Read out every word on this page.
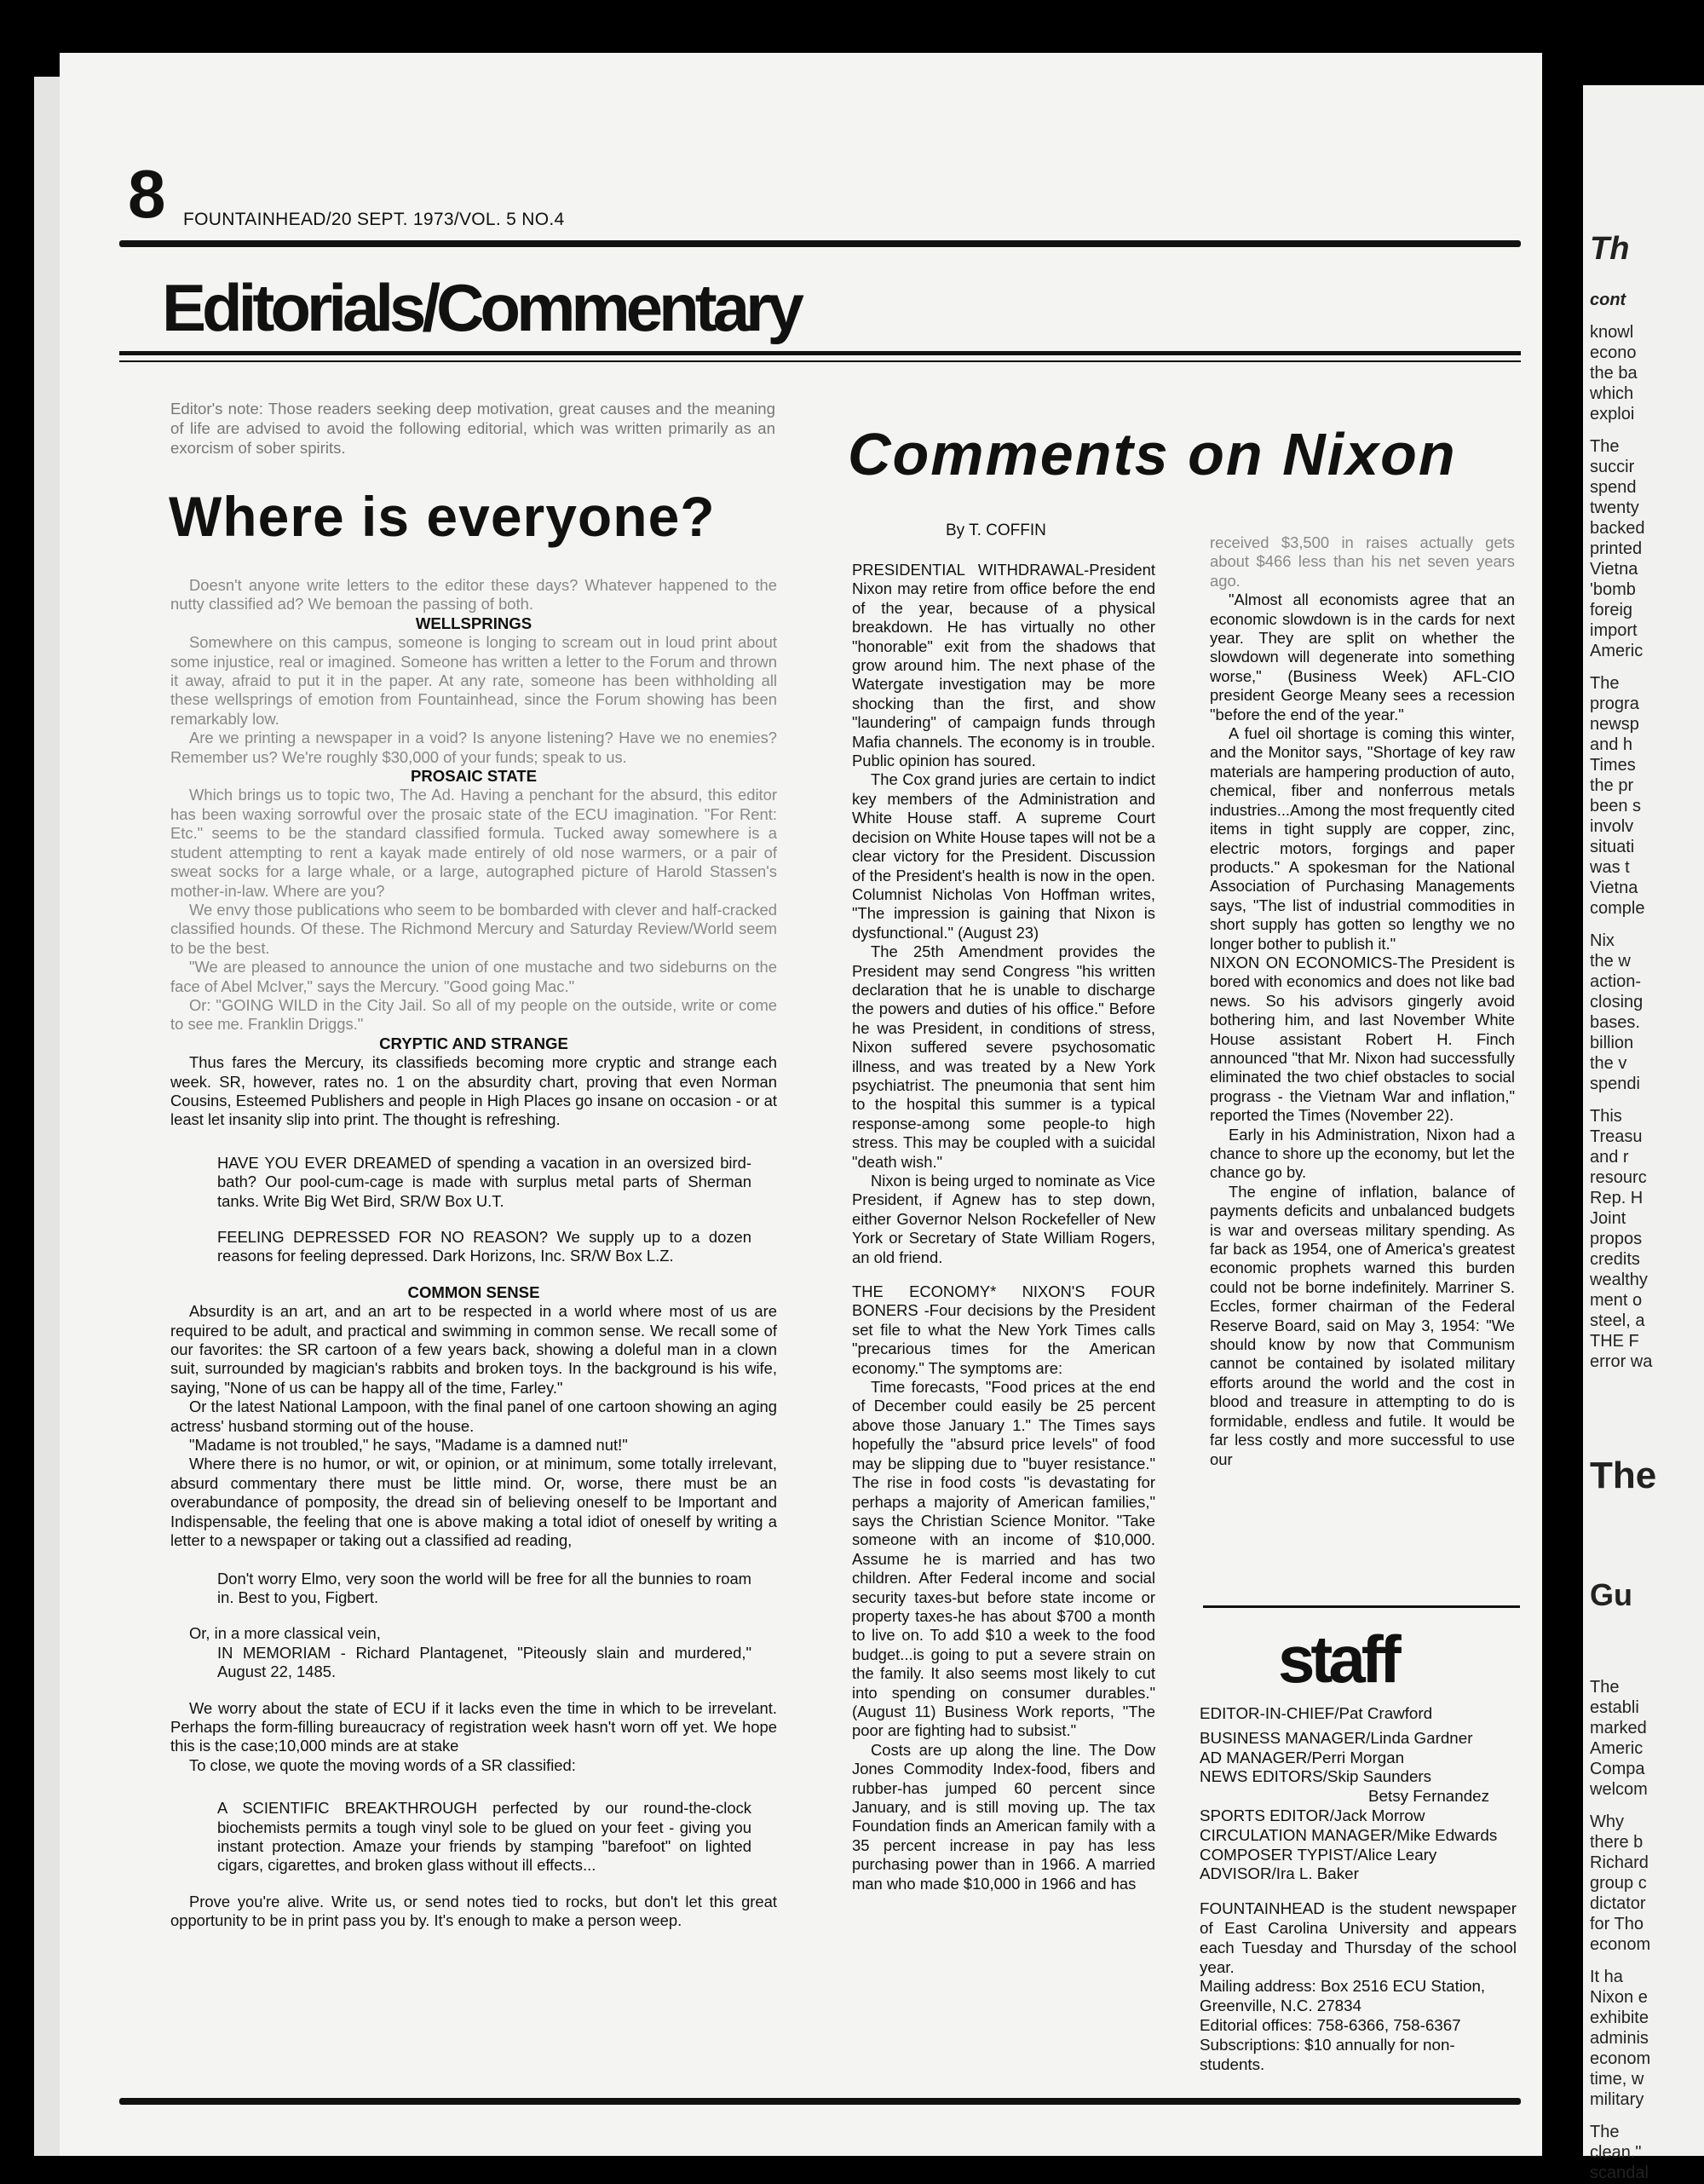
8 FOUNTAINHEAD/20 SEPT. 1973/VOL. 5 NO.4
Editorials/Commentary
Editor's note: Those readers seeking deep motivation, great causes and the meaning of life are advised to avoid the following editorial, which was written primarily as an exorcism of sober spirits.
Where is everyone?

Doesn't anyone write letters to the editor these days? Whatever happened to the nutty classified ad? We bemoan the passing of both.

WELLSPRINGS

Somewhere on this campus, someone is longing to scream out in loud print about some injustice, real or imagined. Someone has written a letter to the Forum and thrown it away, afraid to put it in the paper. At any rate, someone has been withholding all these wellsprings of emotion from Fountainhead, since the Forum showing has been remarkably low.

Are we printing a newspaper in a void? Is anyone listening? Have we no enemies? Remember us? We're roughly $30,000 of your funds; speak to us.

PROSAIC STATE

Which brings us to topic two, The Ad. Having a penchant for the absurd, this editor has been waxing sorrowful over the prosaic state of the ECU imagination. "For Rent: Etc." seems to be the standard classified formula. Tucked away somewhere is a student attempting to rent a kayak made entirely of old nose warmers, or a pair of sweat socks for a large whale, or a large, autographed picture of Harold Stassen's mother-in-law. Where are you?

We envy those publications who seem to be bombarded with clever and half-cracked classified hounds. Of these. The Richmond Mercury and Saturday Review/World seem to be the best.

"We are pleased to announce the union of one mustache and two sideburns on the face of Abel McIver," says the Mercury. "Good going Mac."

Or: "GOING WILD in the City Jail. So all of my people on the outside, write or come to see me. Franklin Driggs."

CRYPTIC AND STRANGE

Thus fares the Mercury, its classifieds becoming more cryptic and strange each week. SR, however, rates no. 1 on the absurdity chart, proving that even Norman Cousins, Esteemed Publishers and people in High Places go insane on occasion - or at least let insanity slip into print. The thought is refreshing.

HAVE YOU EVER DREAMED of spending a vacation in an oversized bird-bath? Our pool-cum-cage is made with surplus metal parts of Sherman tanks. Write Big Wet Bird, SR/W Box U.T.

FEELING DEPRESSED FOR NO REASON? We supply up to a dozen reasons for feeling depressed. Dark Horizons, Inc. SR/W Box L.Z.

COMMON SENSE

Absurdity is an art, and an art to be respected in a world where most of us are required to be adult, and practical and swimming in common sense. We recall some of our favorites: the SR cartoon of a few years back, showing a doleful man in a clown suit, surrounded by magician's rabbits and broken toys. In the background is his wife, saying, "None of us can be happy all of the time, Farley."

Or the latest National Lampoon, with the final panel of one cartoon showing an aging actress' husband storming out of the house.

"Madame is not troubled," he says, "Madame is a damned nut!"

Where there is no humor, or wit, or opinion, or at minimum, some totally irrelevant, absurd commentary there must be little mind. Or, worse, there must be an overabundance of pomposity, the dread sin of believing oneself to be Important and Indispensable, the feeling that one is above making a total idiot of oneself by writing a letter to a newspaper or taking out a classified ad reading,

Don't worry Elmo, very soon the world will be free for all the bunnies to roam in. Best to you, Figbert.

Or, in a more classical vein,

IN MEMORIAM - Richard Plantagenet, "Piteously slain and murdered," August 22, 1485.

We worry about the state of ECU if it lacks even the time in which to be irrevelant. Perhaps the form-filling bureaucracy of registration week hasn't worn off yet. We hope this is the case;10,000 minds are at stake

To close, we quote the moving words of a SR classified:

A SCIENTIFIC BREAKTHROUGH perfected by our round-the-clock biochemists permits a tough vinyl sole to be glued on your feet - giving you instant protection. Amaze your friends by stamping "barefoot" on lighted cigars, cigarettes, and broken glass without ill effects...

Prove you're alive. Write us, or send notes tied to rocks, but don't let this great opportunity to be in print pass you by. It's enough to make a person weep.

Comments on Nixon
By T. COFFIN

PRESIDENTIAL WITHDRAWAL-President Nixon may retire from office before the end of the year, because of a physical breakdown. He has virtually no other "honorable" exit from the shadows that grow around him. The next phase of the Watergate investigation may be more shocking than the first, and show "laundering" of campaign funds through Mafia channels. The economy is in trouble. Public opinion has soured.

The Cox grand juries are certain to indict key members of the Administration and White House staff. A supreme Court decision on White House tapes will not be a clear victory for the President. Discussion of the President's health is now in the open. Columnist Nicholas Von Hoffman writes, "The impression is gaining that Nixon is dysfunctional." (August 23)

The 25th Amendment provides the President may send Congress "his written declaration that he is unable to discharge the powers and duties of his office." Before he was President, in conditions of stress, Nixon suffered severe psychosomatic illness, and was treated by a New York psychiatrist. The pneumonia that sent him to the hospital this summer is a typical response-among some people-to high stress. This may be coupled with a suicidal "death wish."

Nixon is being urged to nominate as Vice President, if Agnew has to step down, either Governor Nelson Rockefeller of New York or Secretary of State William Rogers, an old friend.

THE ECONOMY* NIXON'S FOUR BONERS -Four decisions by the President set file to what the New York Times calls "precarious times for the American economy." The symptoms are:

Time forecasts, "Food prices at the end of December could easily be 25 percent above those January 1." The Times says hopefully the "absurd price levels" of food may be slipping due to "buyer resistance." The rise in food costs "is devastating for perhaps a majority of American families," says the Christian Science Monitor. "Take someone with an income of $10,000. Assume he is married and has two children. After Federal income and social security taxes-but before state income or property taxes-he has about $700 a month to live on. To add $10 a week to the food budget...is going to put a severe strain on the family. It also seems most likely to cut into spending on consumer durables." (August 11) Business Work reports, "The poor are fighting had to subsist."

Costs are up along the line. The Dow Jones Commodity Index-food, fibers and rubber-has jumped 60 percent since January, and is still moving up. The tax Foundation finds an American family with a 35 percent increase in pay has less purchasing power than in 1966. A married man who made $10,000 in 1966 and has

received $3,500 in raises actually gets about $466 less than his net seven years ago.

"Almost all economists agree that an economic slowdown is in the cards for next year. They are split on whether the slowdown will degenerate into something worse," (Business Week) AFL-CIO president George Meany sees a recession "before the end of the year."

A fuel oil shortage is coming this winter, and the Monitor says, "Shortage of key raw materials are hampering production of auto, chemical, fiber and nonferrous metals industries...Among the most frequently cited items in tight supply are copper, zinc, electric motors, forgings and paper products." A spokesman for the National Association of Purchasing Managements says, "The list of industrial commodities in short supply has gotten so lengthy we no longer bother to publish it."

NIXON ON ECONOMICS-The President is bored with economics and does not like bad news. So his advisors gingerly avoid bothering him, and last November White House assistant Robert H. Finch announced "that Mr. Nixon had successfully eliminated the two chief obstacles to social prograss - the Vietnam War and inflation," reported the Times (November 22).

Early in his Administration, Nixon had a chance to shore up the economy, but let the chance go by.

The engine of inflation, balance of payments deficits and unbalanced budgets is war and overseas military spending. As far back as 1954, one of America's greatest economic prophets warned this burden could not be borne indefinitely. Marriner S. Eccles, former chairman of the Federal Reserve Board, said on May 3, 1954: "We should know by now that Communism cannot be contained by isolated military efforts around the world and the cost in blood and treasure in attempting to do is formidable, endless and futile. It would be far less costly and more successful to use our

staff

EDITOR-IN-CHIEF/Pat Crawford

BUSINESS MANAGER/Linda Gardner

AD MANAGER/Perri Morgan

NEWS EDITORS/Skip Saunders

Betsy Fernandez

SPORTS EDITOR/Jack Morrow

CIRCULATION MANAGER/Mike Edwards

COMPOSER TYPIST/Alice Leary

ADVISOR/Ira L. Baker

FOUNTAINHEAD is the student newspaper of East Carolina University and appears each Tuesday and Thursday of the school year.

Mailing address: Box 2516 ECU Station, Greenville, N.C. 27834

Editorial offices: 758-6366, 758-6367

Subscriptions: $10 annually for non-students.

Th
cont
knowl
econo
the ba
which
exploi
The
succir
spend
twenty
backed
printed
Vietna
'bomb
foreig
import
Americ
The
progra
newsp
and h
Times
the pr
been s
involv
situati
was t
Vietna
comple
Nix
the w
action-
closing
bases.
billion
the v
spendi
This
Treasu
and r
resourc
Rep. H
Joint
propos
credits
wealthy
ment o
steel, a
THE F
error wa
The
Gu
The
establi
marked
Americ
Compa
welcom
Why
there b
Richard
group c
dictator
for Tho
econom
It ha
Nixon e
exhibite
adminis
econom
time, w
military
The
clean."
scandal
